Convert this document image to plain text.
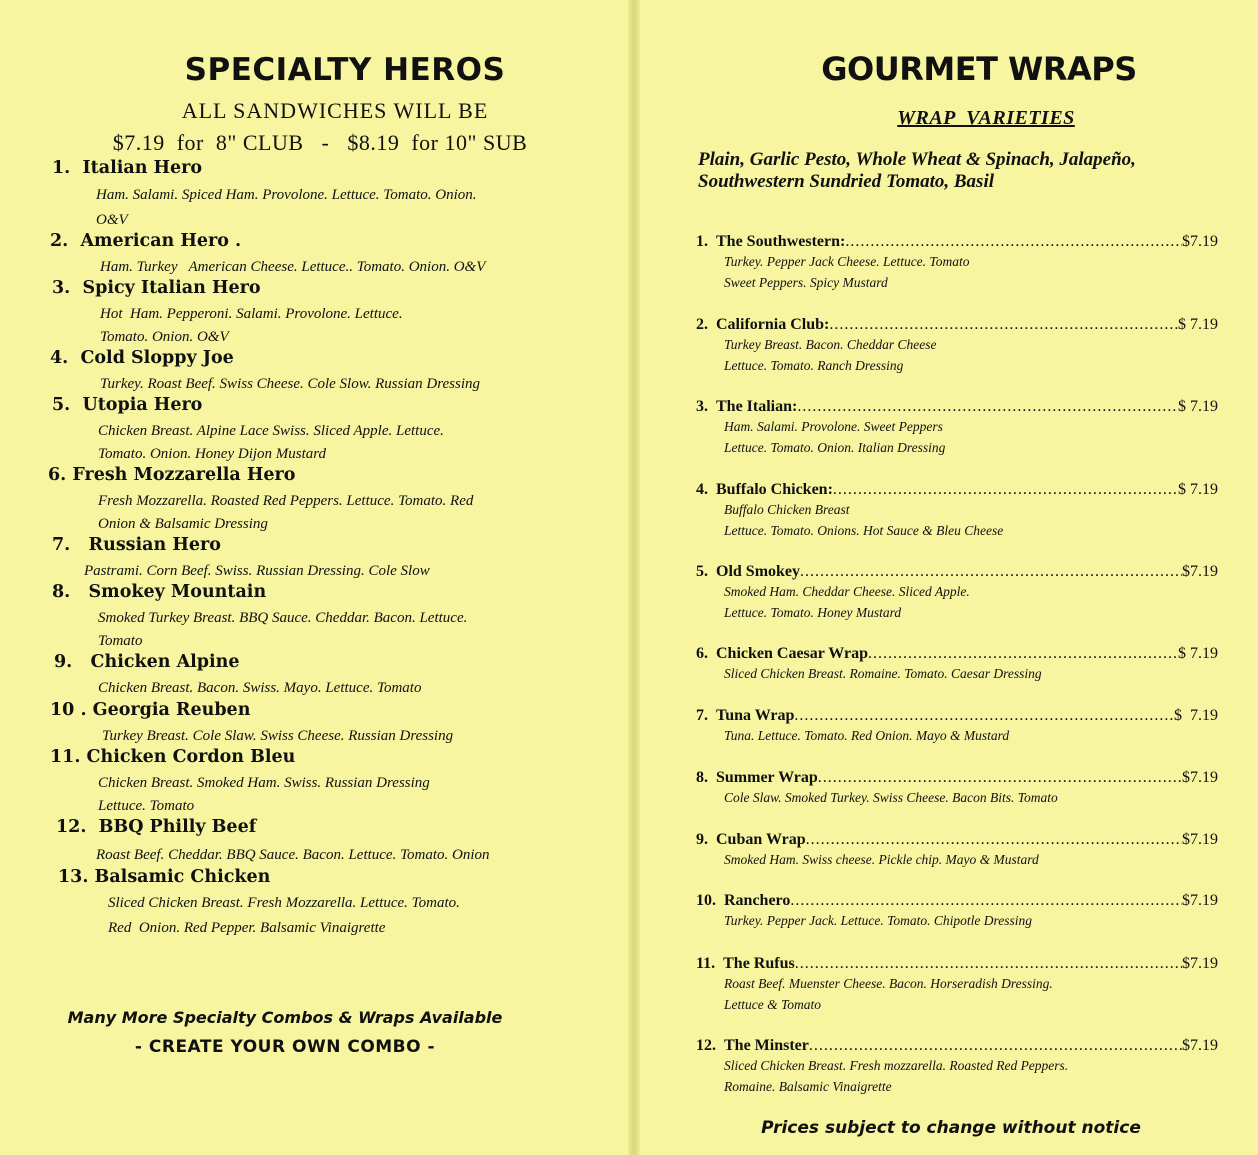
SPECIALTY HEROS
ALL SANDWICHES WILL BE
$7.19  for  8" CLUB   -   $8.19  for 10" SUB
1.  Italian Hero
Ham. Salami. Spiced Ham. Provolone. Lettuce. Tomato. Onion.
O&V
2.  American Hero .
Ham. Turkey   American Cheese. Lettuce.. Tomato. Onion. O&V
3.  Spicy Italian Hero
Hot  Ham. Pepperoni. Salami. Provolone. Lettuce.
Tomato. Onion. O&V
4.  Cold Sloppy Joe
Turkey. Roast Beef. Swiss Cheese. Cole Slow. Russian Dressing
5.  Utopia Hero
Chicken Breast. Alpine Lace Swiss. Sliced Apple. Lettuce.
Tomato. Onion. Honey Dijon Mustard
6. Fresh Mozzarella Hero
Fresh Mozzarella. Roasted Red Peppers. Lettuce. Tomato. Red
Onion & Balsamic Dressing
7.   Russian Hero
Pastrami. Corn Beef. Swiss. Russian Dressing. Cole Slow
8.   Smokey Mountain
Smoked Turkey Breast. BBQ Sauce. Cheddar. Bacon. Lettuce.
Tomato
9.   Chicken Alpine
Chicken Breast. Bacon. Swiss. Mayo. Lettuce. Tomato
10 . Georgia Reuben
Turkey Breast. Cole Slaw. Swiss Cheese. Russian Dressing
11. Chicken Cordon Bleu
Chicken Breast. Smoked Ham. Swiss. Russian Dressing
Lettuce. Tomato
12.  BBQ Philly Beef
Roast Beef. Cheddar. BBQ Sauce. Bacon. Lettuce. Tomato. Onion
13. Balsamic Chicken
Sliced Chicken Breast. Fresh Mozzarella. Lettuce. Tomato.
Red  Onion. Red Pepper. Balsamic Vinaigrette
Many More Specialty Combos & Wraps Available
- CREATE YOUR OWN COMBO -
GOURMET WRAPS
WRAP  VARIETIES
Plain, Garlic Pesto, Whole Wheat & Spinach, Jalapeño, Southwestern Sundried Tomato, Basil
1. The Southwestern: .....	$7.19
Turkey. Pepper Jack Cheese. Lettuce. Tomato
Sweet Peppers. Spicy Mustard
2. California Club: .....	$ 7.19
Turkey Breast. Bacon. Cheddar Cheese
Lettuce. Tomato. Ranch Dressing
3. The Italian: .....	$ 7.19
Ham. Salami. Provolone. Sweet Peppers
Lettuce. Tomato. Onion. Italian Dressing
4. Buffalo Chicken: .....	$ 7.19
Buffalo Chicken Breast
Lettuce. Tomato. Onions. Hot Sauce & Bleu Cheese
5. Old Smokey .....	$7.19
Smoked Ham. Cheddar Cheese. Sliced Apple.
Lettuce. Tomato. Honey Mustard
6. Chicken Caesar Wrap .....	$ 7.19
Sliced Chicken Breast. Romaine. Tomato. Caesar Dressing
7. Tuna Wrap .....	$  7.19
Tuna. Lettuce. Tomato. Red Onion. Mayo & Mustard
8. Summer Wrap .....	$7.19
Cole Slaw. Smoked Turkey. Swiss Cheese. Bacon Bits. Tomato
9. Cuban Wrap .....	$7.19
Smoked Ham. Swiss cheese. Pickle chip. Mayo & Mustard
10. Ranchero .....	$7.19
Turkey. Pepper Jack. Lettuce. Tomato. Chipotle Dressing
11. The Rufus .....	$7.19
Roast Beef. Muenster Cheese. Bacon. Horseradish Dressing.
Lettuce & Tomato
12. The Minster .....	$7.19
Sliced Chicken Breast. Fresh mozzarella. Roasted Red Peppers.
Romaine. Balsamic Vinaigrette
Prices subject to change without notice
